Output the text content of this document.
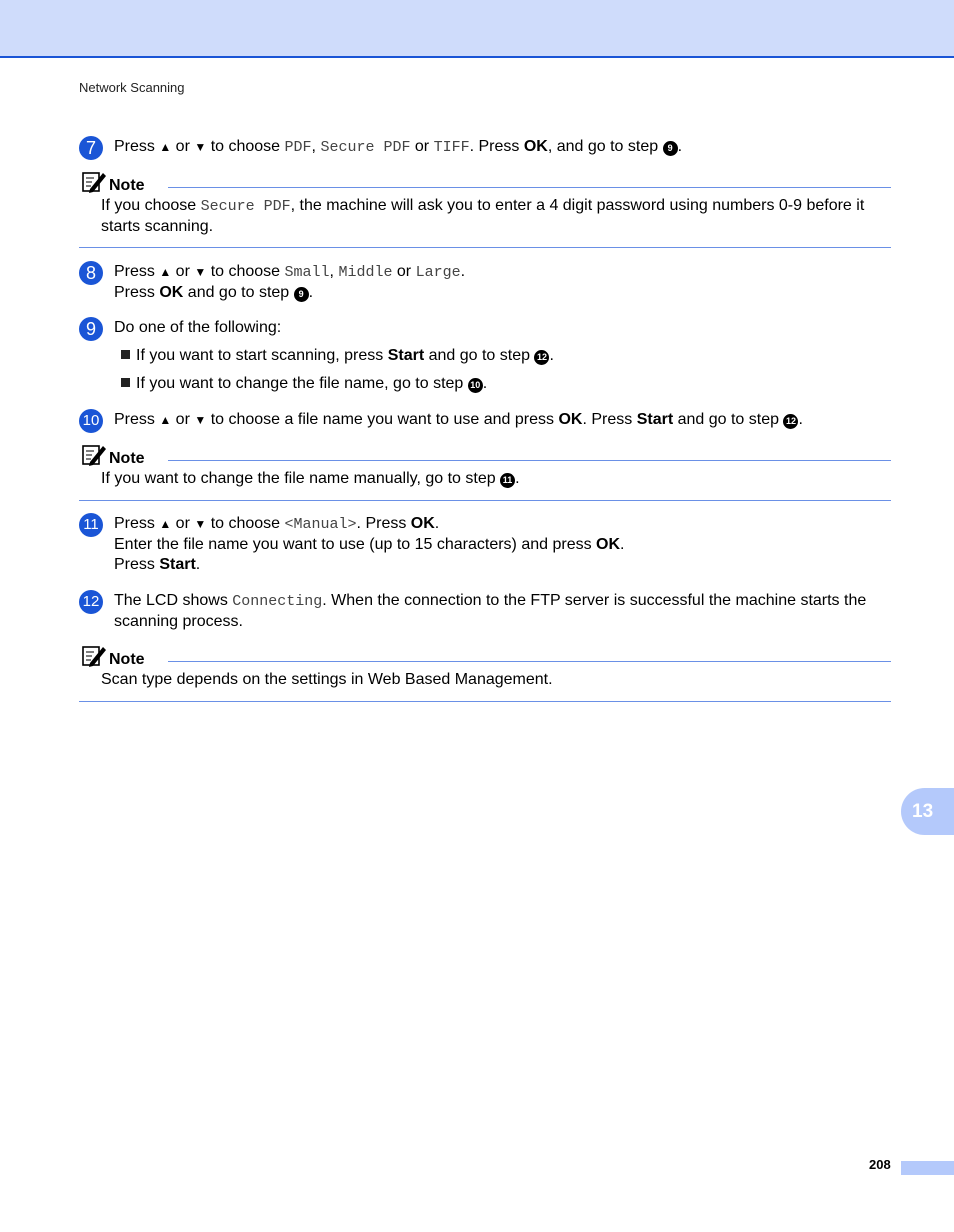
Network Scanning
7	Press ▲ or ▼ to choose PDF, Secure PDF or TIFF. Press OK, and go to step 9 .
Note
If you choose Secure PDF, the machine will ask you to enter a 4 digit password using numbers 0-9 before it starts scanning.
8	Press ▲ or ▼ to choose Small, Middle or Large.
Press OK and go to step 9 .
9	Do one of the following:
If you want to start scanning, press Start and go to step 12 .
If you want to change the file name, go to step 10 .
10 Press ▲ or ▼ to choose a file name you want to use and press OK. Press Start and go to step 12 .
Note
If you want to change the file name manually, go to step 11 .
11 Press ▲ or ▼ to choose <Manual>. Press OK.
Enter the file name you want to use (up to 15 characters) and press OK.
Press Start.
12 The LCD shows Connecting. When the connection to the FTP server is successful the machine starts the scanning process.
Note
Scan type depends on the settings in Web Based Management.
13
208
